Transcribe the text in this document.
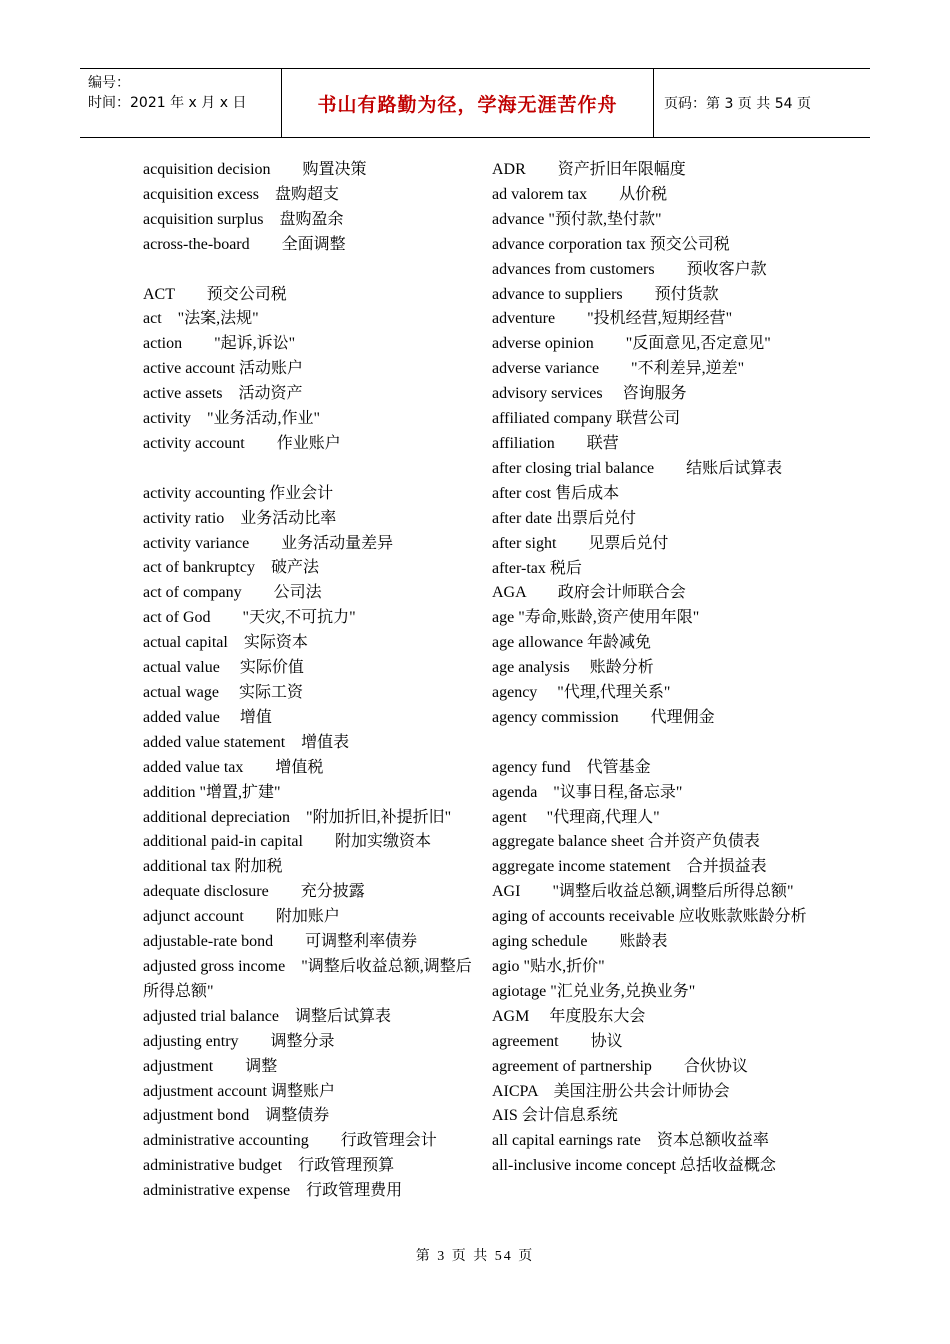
编号：
时间：2021 年 x 月 x 日	书山有路勤为径，学海无涯苦作舟	页码：第 3 页 共 54 页
acquisition decision　　购置决策
acquisition excess　盘购超支
acquisition surplus　盘购盈余
across-the-board　　全面调整
ACT　　预交公司税
act　"法案,法规"
action　　"起诉,诉讼"
active account 活动账户
active assets　活动资产
activity　"业务活动,作业"
activity account　　作业账户
activity accounting 作业会计
activity ratio　业务活动比率
activity variance　　业务活动量差异
act of bankruptcy　破产法
act of company　　公司法
act of God　　"天灾,不可抗力"
actual capital　实际资本
actual value　 实际价值
actual wage　 实际工资
added value　 增值
added value statement　增值表
added value tax　　增值税
addition "增置,扩建"
additional depreciation　"附加折旧,补提折旧"
additional paid-in capital　　附加实缴资本
additional tax 附加税
adequate disclosure　　充分披露
adjunct account　　附加账户
adjustable-rate bond　　可调整利率债券
adjusted gross income　"调整后收益总额,调整后所得总额"
adjusted trial balance　调整后试算表
adjusting entry　　调整分录
adjustment　　调整
adjustment account 调整账户
adjustment bond　调整债券
administrative accounting　　行政管理会计
administrative budget　行政管理预算
administrative expense　行政管理费用
ADR　　资产折旧年限幅度
ad valorem tax　　从价税
advance "预付款,垫付款"
advance corporation tax 预交公司税
advances from customers　　预收客户款
advance to suppliers　　预付货款
adventure　　"投机经营,短期经营"
adverse opinion　　"反面意见,否定意见"
adverse variance　　"不利差异,逆差"
advisory services　 咨询服务
affiliated company 联营公司
affiliation　　联营
after closing trial balance　　结账后试算表
after cost 售后成本
after date 出票后兑付
after sight　　见票后兑付
after-tax 税后
AGA　　政府会计师联合会
age "寿命,账龄,资产使用年限"
age allowance 年龄减免
age analysis　 账龄分析
agency　 "代理,代理关系"
agency commission　　代理佣金
agency fund　代管基金
agenda　"议事日程,备忘录"
agent　 "代理商,代理人"
aggregate balance sheet 合并资产负债表
aggregate income statement　合并损益表
AGI　　"调整后收益总额,调整后所得总额"
aging of accounts receivable 应收账款账龄分析
aging schedule　　账龄表
agio "贴水,折价"
agiotage "汇兑业务,兑换业务"
AGM　 年度股东大会
agreement　　协议
agreement of partnership　　合伙协议
AICPA　美国注册公共会计师协会
AIS 会计信息系统
all capital earnings rate　资本总额收益率
all-inclusive income concept 总括收益概念
第 3 页 共 54 页
